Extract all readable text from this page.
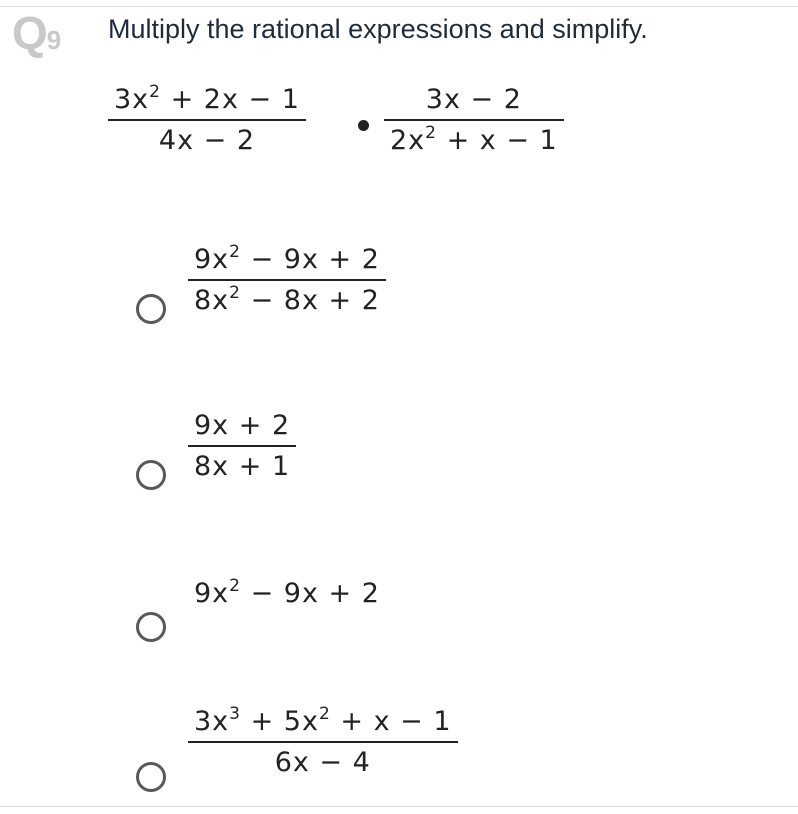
Q9 Multiply the rational expressions and simplify.
$3x^2 + 2x - 1$
4x − 2
3x − 2
$2x^2 + x - 1$
$9x^2 - 9x + 2$
$8x^2 - 8x + 2$
9x + 2
8x + 1
$9x^2 - 9x + 2$
$3x^3 + 5x^2 + x - 1$
6x − 4
